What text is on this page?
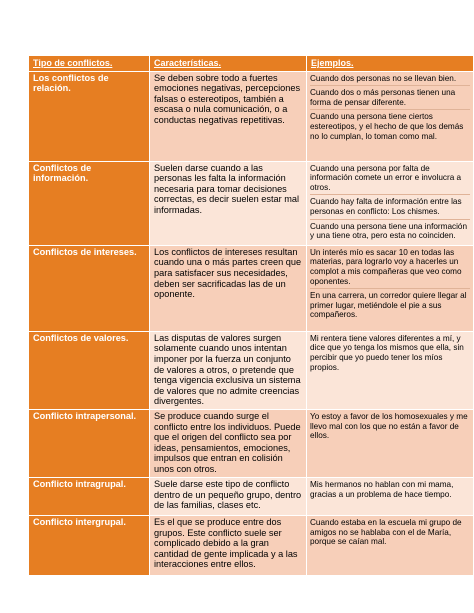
Tipo de conflictos.	Características.	Ejemplos.
Los conflictos de relación.	Se deben sobre todo a fuertes emociones negativas, percepciones falsas o estereotipos, también a escasa o nula comunicación, o a conductas negativas repetitivas.	Cuando dos personas no se llevan bien.
Cuando dos o más personas tienen una forma de pensar diferente.
Cuando una persona tiene ciertos estereotipos, y el hecho de que los demás no lo cumplan, lo toman como mal.

Conflictos de información.	Suelen darse cuando a las personas les falta la información necesaria para tomar decisiones correctas, es decir suelen estar mal informadas.	Cuando una persona por falta de información comete un error e involucra a otros.
Cuando hay falta de información entre las personas en conflicto: Los chismes.
Cuando una persona tiene una información y una tiene otra, pero esta no coinciden.

Conflictos de intereses.	Los conflictos de intereses resultan cuando una o más partes creen que para satisfacer sus necesidades, deben ser sacrificadas las de un oponente.	Un interés mío es sacar 10 en todas las materias, para lograrlo voy a hacerles un complot a mis compañeras que veo como oponentes.
En una carrera, un corredor quiere llegar al primer lugar, metiéndole el pie a sus compañeros.

Conflictos de valores.	Las disputas de valores surgen solamente cuando unos intentan imponer por la fuerza un conjunto de valores a otros, o pretende que tenga vigencia exclusiva un sistema de valores que no admite creencias divergentes.	Mi rentera tiene valores diferentes a mí, y dice que yo tenga los mismos que ella, sin percibir que yo puedo tener los míos propios.

Conflicto intrapersonal.	Se produce cuando surge el conflicto entre los individuos. Puede que el origen del conflicto sea por ideas, pensamientos, emociones, impulsos que entran en colisión unos con otros.	Yo estoy a favor de los homosexuales y me llevo mal con los que no están a favor de ellos.

Conflicto intragrupal.	Suele darse este tipo de conflicto dentro de un pequeño grupo, dentro de las familias, clases etc.	Mis hermanos no hablan con mi mama, gracias a un problema de hace tiempo.

Conflicto intergrupal.	Es el que se produce entre dos grupos. Este conflicto suele ser complicado debido a la gran cantidad de gente implicada y a las interacciones entre ellos.	Cuando estaba en la escuela mi grupo de amigos no se hablaba con el de María, porque se caían mal.
